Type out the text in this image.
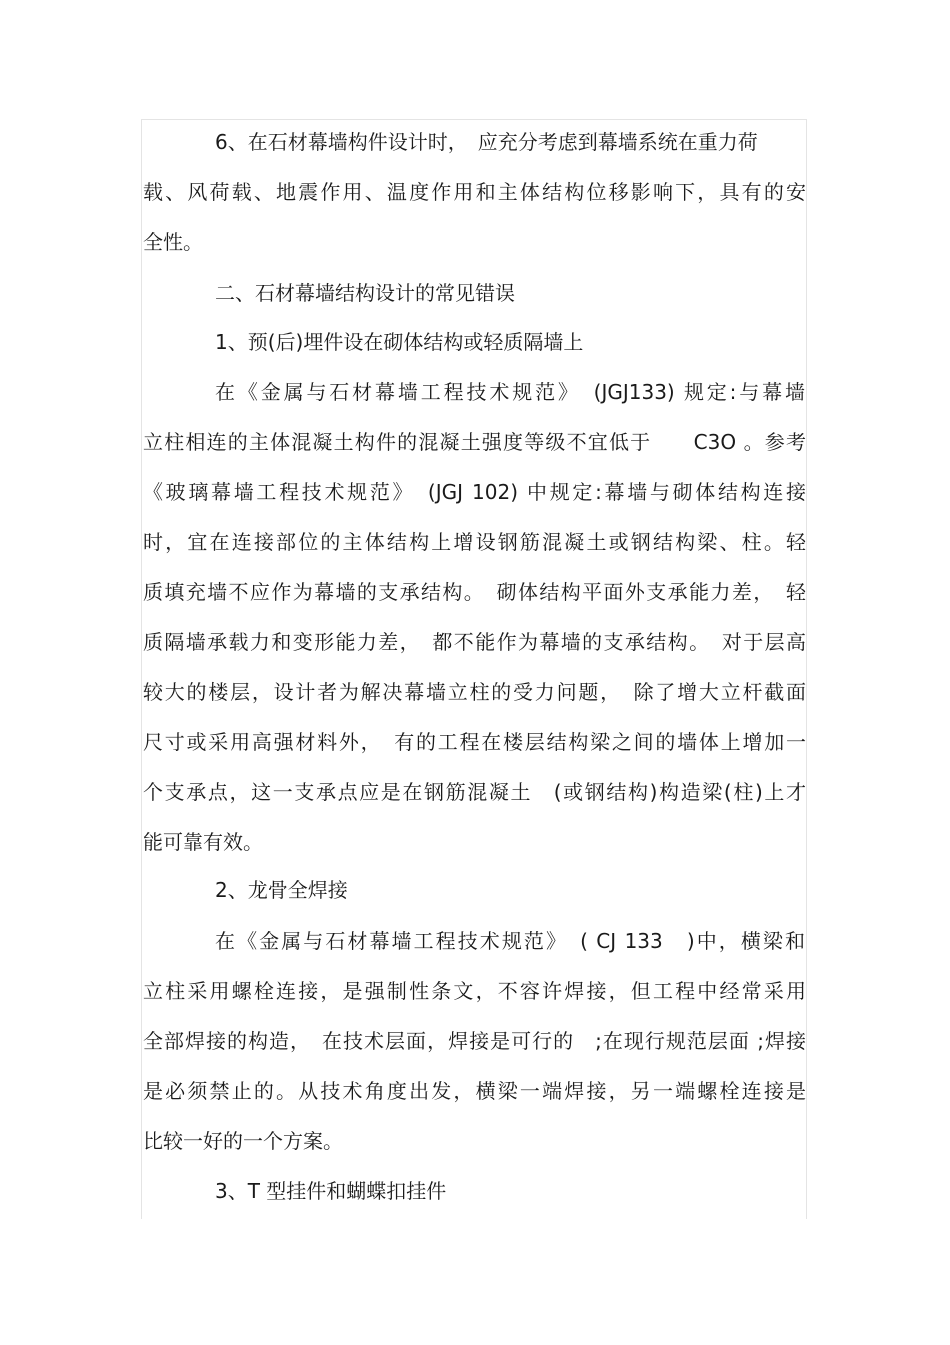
6、在石材幕墙构件设计时，　应充分考虑到幕墙系统在重力荷
载、风荷载、地震作用、温度作用和主体结构位移影响下，具有的安
全性。
二、石材幕墙结构设计的常见错误
1、预(后)埋件设在砌体结构或轻质隔墙上
在《金属与石材幕墙工程技术规范》　(JGJ133) 规定:与幕墙
立柱相连的主体混凝土构件的混凝土强度等级不宜低于　　C3O 。参考
《玻璃幕墙工程技术规范》　(JGJ 102) 中规定:幕墙与砌体结构连接
时，宜在连接部位的主体结构上增设钢筋混凝土或钢结构梁、柱。轻
质填充墙不应作为幕墙的支承结构。　砌体结构平面外支承能力差，　轻
质隔墙承载力和变形能力差，　都不能作为幕墙的支承结构。　对于层高
较大的楼层，设计者为解决幕墙立柱的受力问题，　除了增大立杆截面
尺寸或采用高强材料外，　有的工程在楼层结构梁之间的墙体上增加一
个支承点，这一支承点应是在钢筋混凝土　(或钢结构)构造梁(柱)上才
能可靠有效。
2、龙骨全焊接
在《金属与石材幕墙工程技术规范》　( CJ 133　)中，横梁和
立柱采用螺栓连接，是强制性条文，不容许焊接，但工程中经常采用
全部焊接的构造，　在技术层面，焊接是可行的　;在现行规范层面 ;焊接
是必须禁止的。从技术角度出发，横梁一端焊接，另一端螺栓连接是
比较一好的一个方案。
3、T 型挂件和蝴蝶扣挂件
